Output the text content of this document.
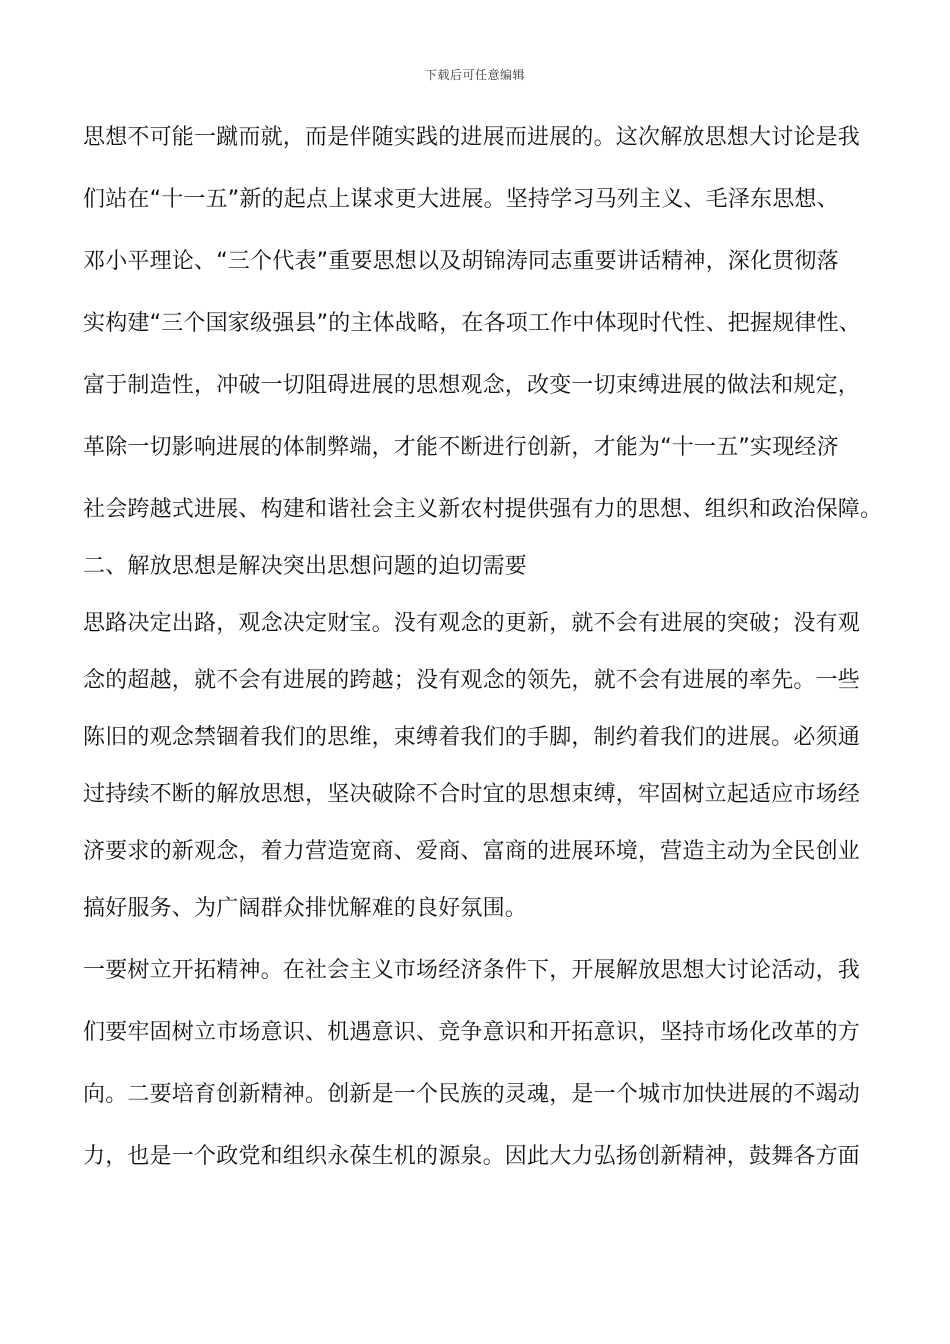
下载后可任意编辑
思想不可能一蹴而就，而是伴随实践的进展而进展的。这次解放思想大讨论是我
们站在“十一五”新的起点上谋求更大进展。坚持学习马列主义、毛泽东思想、
邓小平理论、“三个代表”重要思想以及胡锦涛同志重要讲话精神，深化贯彻落
实构建“三个国家级强县”的主体战略，在各项工作中体现时代性、把握规律性、
富于制造性，冲破一切阻碍进展的思想观念，改变一切束缚进展的做法和规定，
革除一切影响进展的体制弊端，才能不断进行创新，才能为“十一五”实现经济
社会跨越式进展、构建和谐社会主义新农村提供强有力的思想、组织和政治保障。
二、解放思想是解决突出思想问题的迫切需要
思路决定出路，观念决定财宝。没有观念的更新，就不会有进展的突破；没有观
念的超越，就不会有进展的跨越；没有观念的领先，就不会有进展的率先。一些
陈旧的观念禁锢着我们的思维，束缚着我们的手脚，制约着我们的进展。必须通
过持续不断的解放思想，坚决破除不合时宜的思想束缚，牢固树立起适应市场经
济要求的新观念，着力营造宽商、爱商、富商的进展环境，营造主动为全民创业
搞好服务、为广阔群众排忧解难的良好氛围。
一要树立开拓精神。在社会主义市场经济条件下，开展解放思想大讨论活动，我
们要牢固树立市场意识、机遇意识、竞争意识和开拓意识，坚持市场化改革的方
向。二要培育创新精神。创新是一个民族的灵魂，是一个城市加快进展的不竭动
力，也是一个政党和组织永葆生机的源泉。因此大力弘扬创新精神，鼓舞各方面
